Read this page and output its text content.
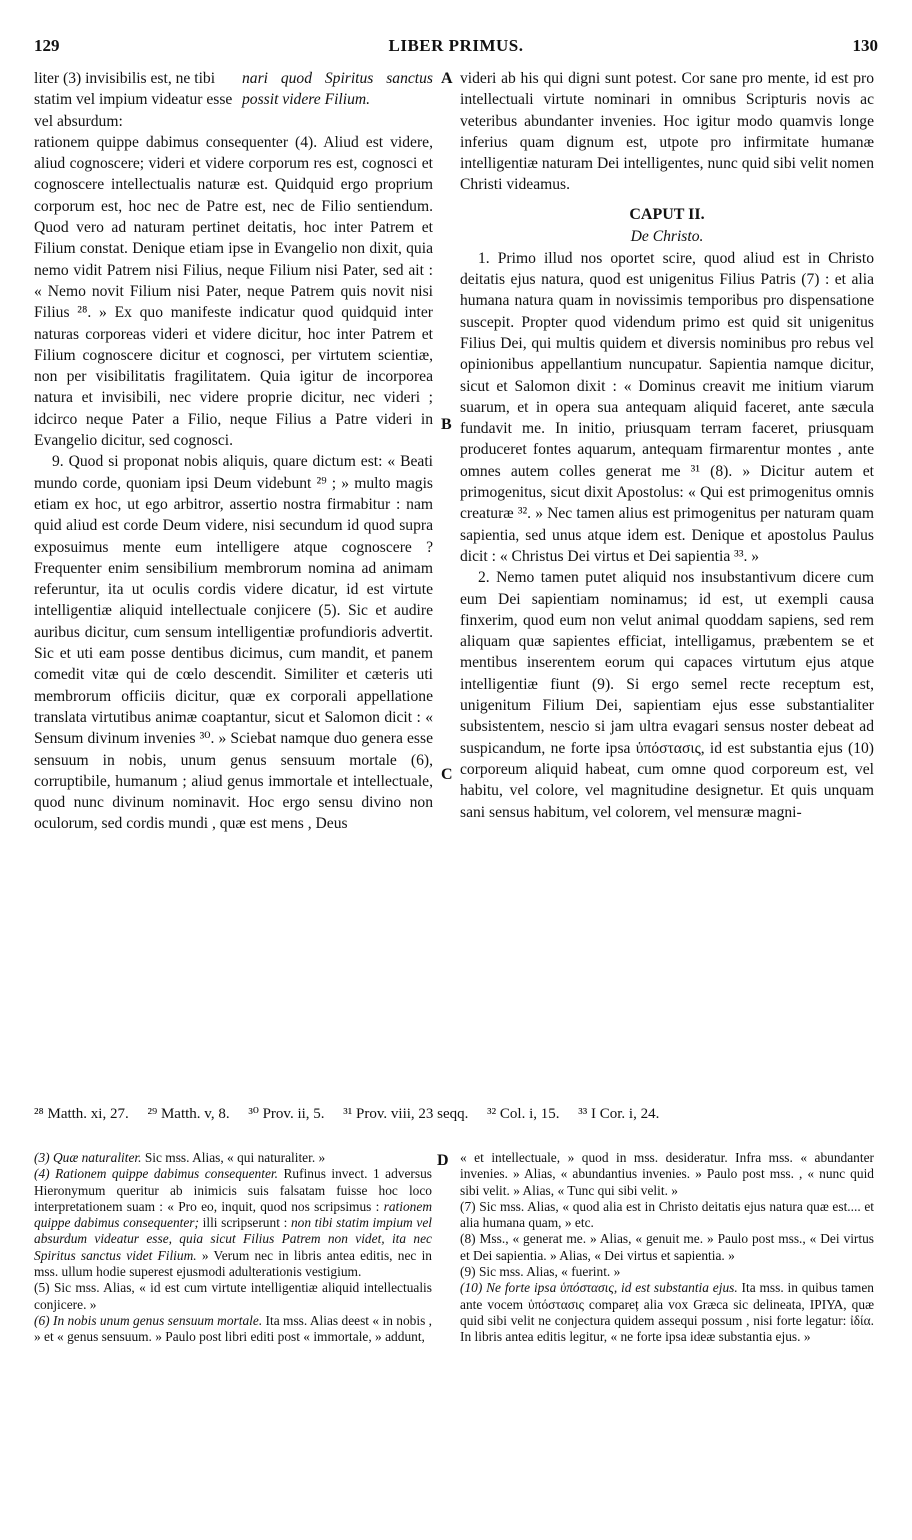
129	LIBER PRIMUS.	130
A
B
C
D
liter (3) invisibilis est, ne tibi statim vel impium videatur esse vel absurdum:
nari quod Spiritus sanctus possit videre Filium.

rationem quippe dabimus consequenter (4). Aliud est videre, aliud cognoscere; videri et videre corporum res est, cognosci et cognoscere intellectualis naturæ est. Quidquid ergo proprium corporum est, hoc nec de Patre est, nec de Filio sentiendum. Quod vero ad naturam pertinet deitatis, hoc inter Patrem et Filium constat. Denique etiam ipse in Evangelio non dixit, quia nemo vidit Patrem nisi Filius, neque Filium nisi Pater, sed ait : « Nemo novit Filium nisi Pater, neque Patrem quis novit nisi Filius ²⁸. » Ex quo manifeste indicatur quod quidquid inter naturas corporeas videri et videre dicitur, hoc inter Patrem et Filium cognoscere dicitur et cognosci, per virtutem scientiæ, non per visibilitatis fragilitatem. Quia igitur de incorporea natura et invisibili, nec videre proprie dicitur, nec videri ; idcirco neque Pater a Filio, neque Filius a Patre videri in Evangelio dicitur, sed cognosci.

9. Quod si proponat nobis aliquis, quare dictum est: « Beati mundo corde, quoniam ipsi Deum videbunt ²⁹ ; » multo magis etiam ex hoc, ut ego arbitror, assertio nostra firmabitur : nam quid aliud est corde Deum videre, nisi secundum id quod supra exposuimus mente eum intelligere atque cognoscere ? Frequenter enim sensibilium membrorum nomina ad animam referuntur, ita ut oculis cordis videre dicatur, id est virtute intelligentiæ aliquid intellectuale conjicere (5). Sic et audire auribus dicitur, cum sensum intelligentiæ profundioris advertit. Sic et uti eam posse dentibus dicimus, cum mandit, et panem comedit vitæ qui de cœlo descendit. Similiter et cæteris uti membrorum officiis dicitur, quæ ex corporali appellatione translata virtutibus animæ coaptantur, sicut et Salomon dicit : « Sensum divinum invenies ³⁰. » Sciebat namque duo genera esse sensuum in nobis, unum genus sensuum mortale (6), corruptibile, humanum ; aliud genus immortale et intellectuale, quod nunc divinum nominavit. Hoc ergo sensu divino non oculorum, sed cordis mundi , quæ est mens , Deus

videri ab his qui digni sunt potest. Cor sane pro mente, id est pro intellectuali virtute nominari in omnibus Scripturis novis ac veteribus abundanter invenies. Hoc igitur modo quamvis longe inferius quam dignum est, utpote pro infirmitate humanæ intelligentiæ naturam Dei intelligentes, nunc quid sibi velit nomen Christi videamus.

CAPUT II.
De Christo.

1. Primo illud nos oportet scire, quod aliud est in Christo deitatis ejus natura, quod est unigenitus Filius Patris (7) : et alia humana natura quam in novissimis temporibus pro dispensatione suscepit. Propter quod videndum primo est quid sit unigenitus Filius Dei, qui multis quidem et diversis nominibus pro rebus vel opinionibus appellantium nuncupatur. Sapientia namque dicitur, sicut et Salomon dixit : « Dominus creavit me initium viarum suarum, et in opera sua antequam aliquid faceret, ante sæcula fundavit me. In initio, priusquam terram faceret, priusquam produceret fontes aquarum, antequam firmarentur montes , ante omnes autem colles generat me ³¹ (8). » Dicitur autem et primogenitus, sicut dixit Apostolus: « Qui est primogenitus omnis creaturæ ³². » Nec tamen alius est primogenitus per naturam quam sapientia, sed unus atque idem est. Denique et apostolus Paulus dicit : « Christus Dei virtus et Dei sapientia ³³. »

2. Nemo tamen putet aliquid nos insubstantivum dicere cum eum Dei sapientiam nominamus; id est, ut exempli causa finxerim, quod eum non velut animal quoddam sapiens, sed rem aliquam quæ sapientes efficiat, intelligamus, præbentem se et mentibus inserentem eorum qui capaces virtutum ejus atque intelligentiæ fiunt (9). Si ergo semel recte receptum est, unigenitum Filium Dei, sapientiam ejus esse substantialiter subsistentem, nescio si jam ultra evagari sensus noster debeat ad suspicandum, ne forte ipsa ὑπόστασις, id est substantia ejus (10) corporeum aliquid habeat, cum omne quod corporeum est, vel habitu, vel colore, vel magnitudine designetur. Et quis unquam sani sensus habitum, vel colorem, vel mensuræ magni-

²⁸ Matth. xi, 27. ²⁹ Matth. v, 8. ³⁰ Prov. ii, 5. ³¹ Prov. viii, 23 seqq. ³² Col. i, 15. ³³ I Cor. i, 24.

(3) Quæ naturaliter. Sic mss. Alias, « qui naturaliter. »

(4) Rationem quippe dabimus consequenter. Rufinus invect. 1 adversus Hieronymum queritur ab inimicis suis falsatam fuisse hoc loco interpretationem suam : « Pro eo, inquit, quod nos scripsimus : rationem quippe dabimus consequenter; illi scripserunt : non tibi statim impium vel absurdum videatur esse, quia sicut Filius Patrem non videt, ita nec Spiritus sanctus videt Filium. » Verum nec in libris antea editis, nec in mss. ullum hodie superest ejusmodi adulterationis vestigium.

(5) Sic mss. Alias, « id est cum virtute intelligentiæ aliquid intellectualis conjicere. »

(6) In nobis unum genus sensuum mortale. Ita mss. Alias deest « in nobis , » et « genus sensuum. » Paulo post libri editi post « immortale, » addunt,

« et intellectuale, » quod in mss. desideratur. Infra mss. « abundanter invenies. » Alias, « abundantius invenies. » Paulo post mss. , « nunc quid sibi velit. » Alias, « Tunc qui sibi velit. »

(7) Sic mss. Alias, « quod alia est in Christo deitatis ejus natura quæ est.... et alia humana quam, » etc.

(8) Mss., « generat me. » Alias, « genuit me. » Paulo post mss., « Dei virtus et Dei sapientia. » Alias, « Dei virtus et sapientia. »

(9) Sic mss. Alias, « fuerint. »

(10) Ne forte ipsa ὑπόστασις, id est substantia ejus. Ita mss. in quibus tamen ante vocem ὑπόστασις compareț alia vox Græca sic delineata, ΙΡΙΥΑ, quæ quid sibi velit ne conjectura quidem assequi possum , nisi forte legatur: ἰδία. In libris antea editis legitur, « ne forte ipsa ideæ substantia ejus. »
